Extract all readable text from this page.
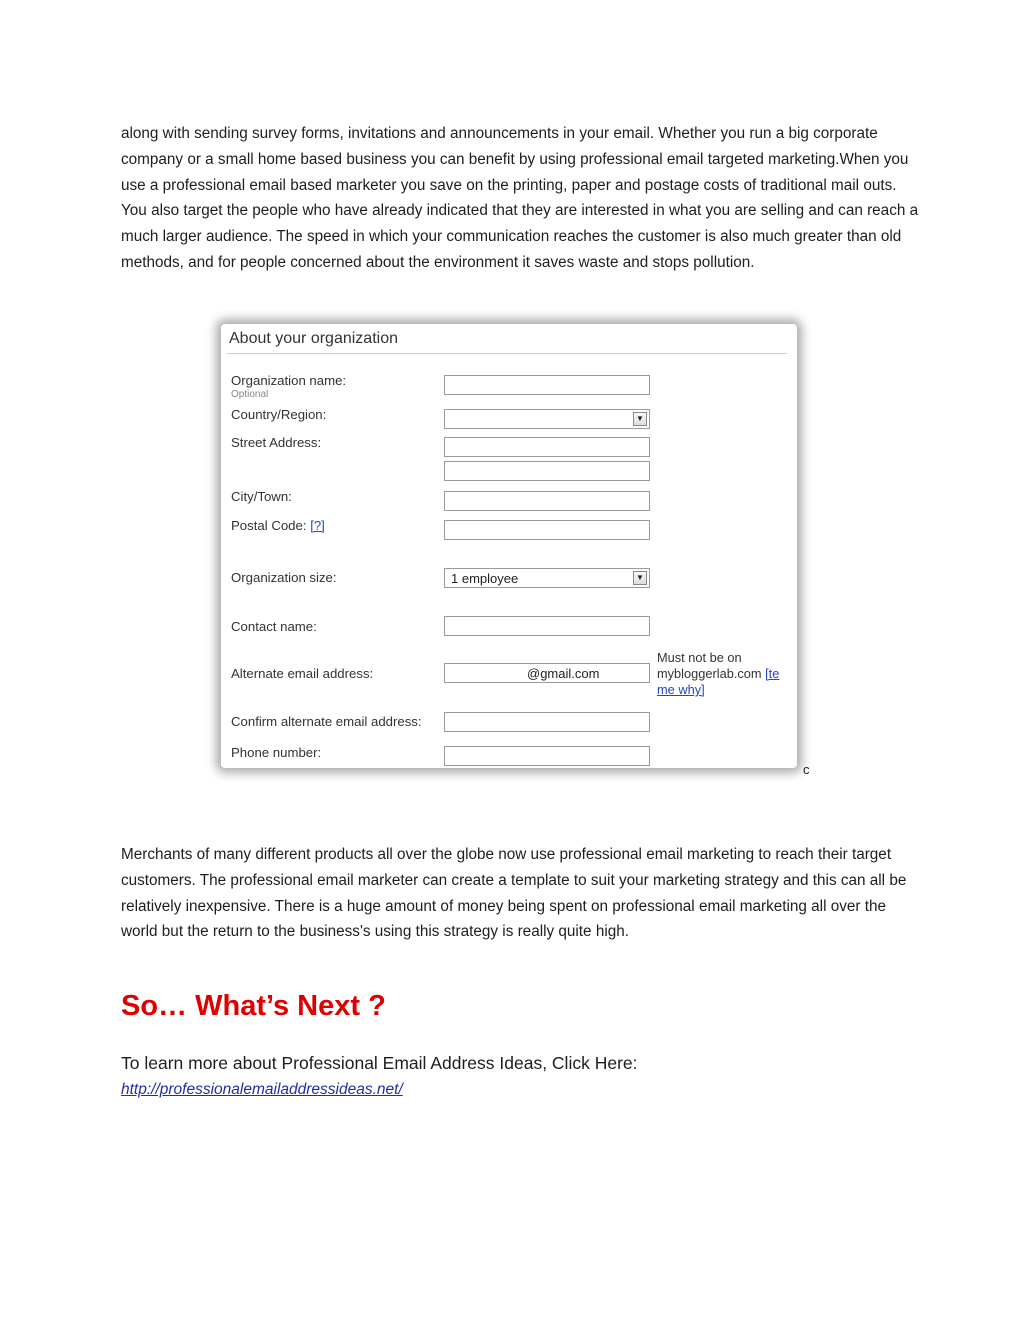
along with sending survey forms, invitations and announcements in your email. Whether you run a big corporate company or a small home based business you can benefit by using professional email targeted marketing.When you use a professional email based marketer you save on the printing, paper and postage costs of traditional mail outs. You also target the people who have already indicated that they are interested in what you are selling and can reach a much larger audience. The speed in which your communication reaches the customer is also much greater than old methods, and for people concerned about the environment it saves waste and stops pollution.
About your organization
Organization name:
Optional
Country/Region:	▼
Street Address:
City/Town:
Postal Code: [?]
Organization size:	1 employee	▼
Contact name:
Alternate email address:	@gmail.com
Must not be on
mybloggerlab.com [te
me why]
Confirm alternate email address:
Phone number:
c
Merchants of many different products all over the globe now use professional email marketing to reach their target customers. The professional email marketer can create a template to suit your marketing strategy and this can all be relatively inexpensive. There is a huge amount of money being spent on professional email marketing all over the world but the return to the business's using this strategy is really quite high.
So… What’s Next ?
To learn more about Professional Email Address Ideas, Click Here:
http://professionalemailaddressideas.net/
